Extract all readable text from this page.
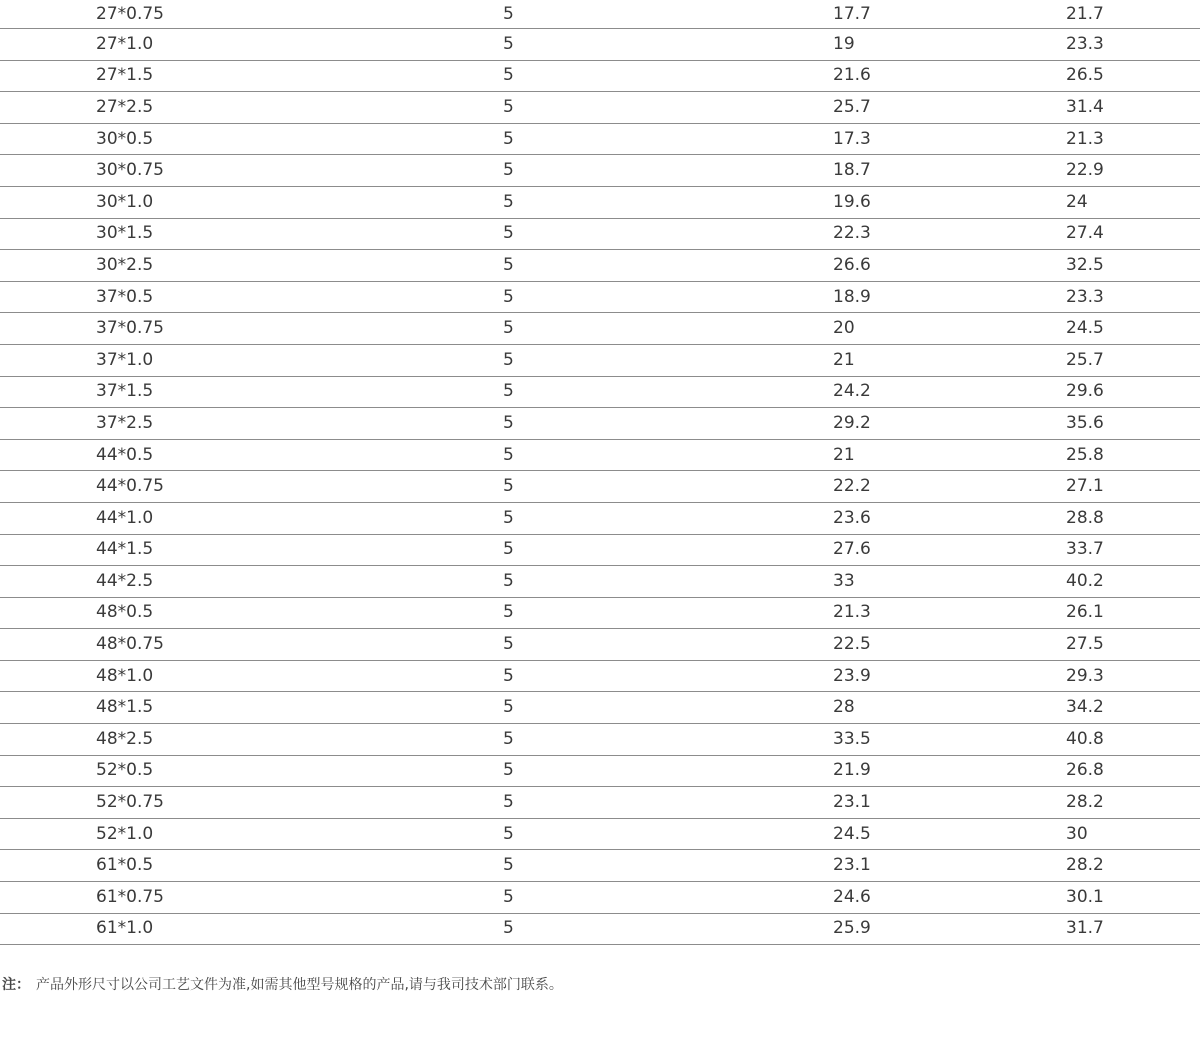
27*0.75	5	17.7	21.7
27*1.0	5	19	23.3
27*1.5	5	21.6	26.5
27*2.5	5	25.7	31.4
30*0.5	5	17.3	21.3
30*0.75	5	18.7	22.9
30*1.0	5	19.6	24
30*1.5	5	22.3	27.4
30*2.5	5	26.6	32.5
37*0.5	5	18.9	23.3
37*0.75	5	20	24.5
37*1.0	5	21	25.7
37*1.5	5	24.2	29.6
37*2.5	5	29.2	35.6
44*0.5	5	21	25.8
44*0.75	5	22.2	27.1
44*1.0	5	23.6	28.8
44*1.5	5	27.6	33.7
44*2.5	5	33	40.2
48*0.5	5	21.3	26.1
48*0.75	5	22.5	27.5
48*1.0	5	23.9	29.3
48*1.5	5	28	34.2
48*2.5	5	33.5	40.8
52*0.5	5	21.9	26.8
52*0.75	5	23.1	28.2
52*1.0	5	24.5	30
61*0.5	5	23.1	28.2
61*0.75	5	24.6	30.1
61*1.0	5	25.9	31.7
注： 产品外形尺寸以公司工艺文件为准,如需其他型号规格的产品,请与我司技术部门联系。
